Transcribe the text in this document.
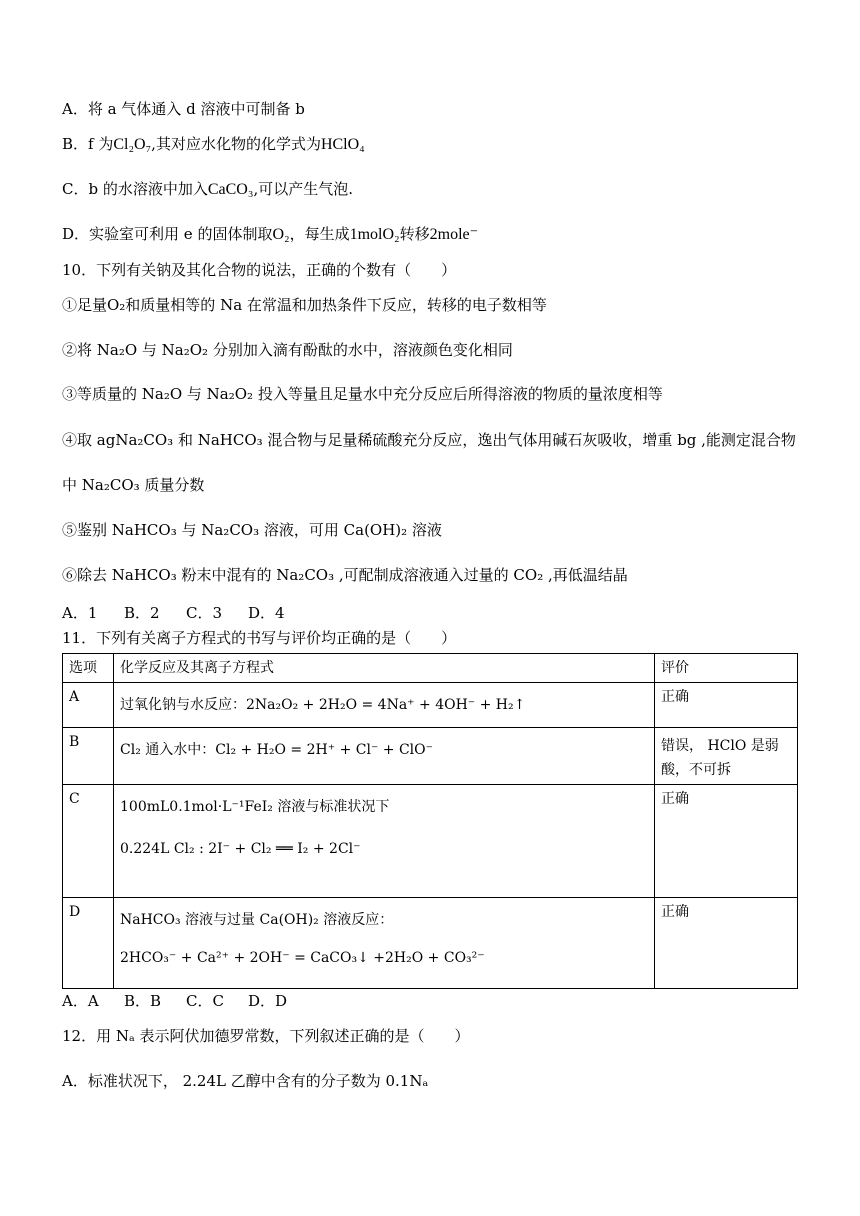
A．将 a 气体通入 d 溶液中可制备 b
B．f 为Cl₂O₇,其对应水化物的化学式为HClO₄
C．b 的水溶液中加入CaCO₃,可以产生气泡.
D．实验室可利用 e 的固体制取O₂，每生成1molO₂转移2mole⁻
10．下列有关钠及其化合物的说法，正确的个数有（　　）
①足量O₂和质量相等的 Na 在常温和加热条件下反应，转移的电子数相等
②将 Na₂O 与 Na₂O₂ 分别加入滴有酚酞的水中，溶液颜色变化相同
③等质量的 Na₂O 与 Na₂O₂ 投入等量且足量水中充分反应后所得溶液的物质的量浓度相等
④取 agNa₂CO₃ 和 NaHCO₃ 混合物与足量稀硫酸充分反应，逸出气体用碱石灰吸收，增重 bg ,能测定混合物
中 Na₂CO₃ 质量分数
⑤鉴别 NaHCO₃ 与 Na₂CO₃ 溶液，可用 Ca(OH)₂ 溶液
⑥除去 NaHCO₃ 粉末中混有的 Na₂CO₃ ,可配制成溶液通入过量的 CO₂ ,再低温结晶
A．1 B．2 C．3 D．4
11．下列有关离子方程式的书写与评价均正确的是（　　）
选项	化学反应及其离子方程式	评价
A	过氧化钠与水反应：2Na₂O₂ + 2H₂O = 4Na⁺ + 4OH⁻ + H₂↑	正确
B	Cl₂ 通入水中：Cl₂ + H₂O = 2H⁺ + Cl⁻ + ClO⁻	错误， HClO 是弱
酸，不可拆

C	100mL0.1mol·L⁻¹FeI₂ 溶液与标准状况下
0.224L Cl₂ : 2I⁻ + Cl₂ ══ I₂ + 2Cl⁻	正确
D	NaHCO₃ 溶液与过量 Ca(OH)₂ 溶液反应：
2HCO₃⁻ + Ca²⁺ + 2OH⁻ = CaCO₃↓ +2H₂O + CO₃²⁻	正确
A．A B．B C．C D．D
12．用 Nₐ 表示阿伏加德罗常数，下列叙述正确的是（　　）
A．标准状况下， 2.24L 乙醇中含有的分子数为 0.1Nₐ
